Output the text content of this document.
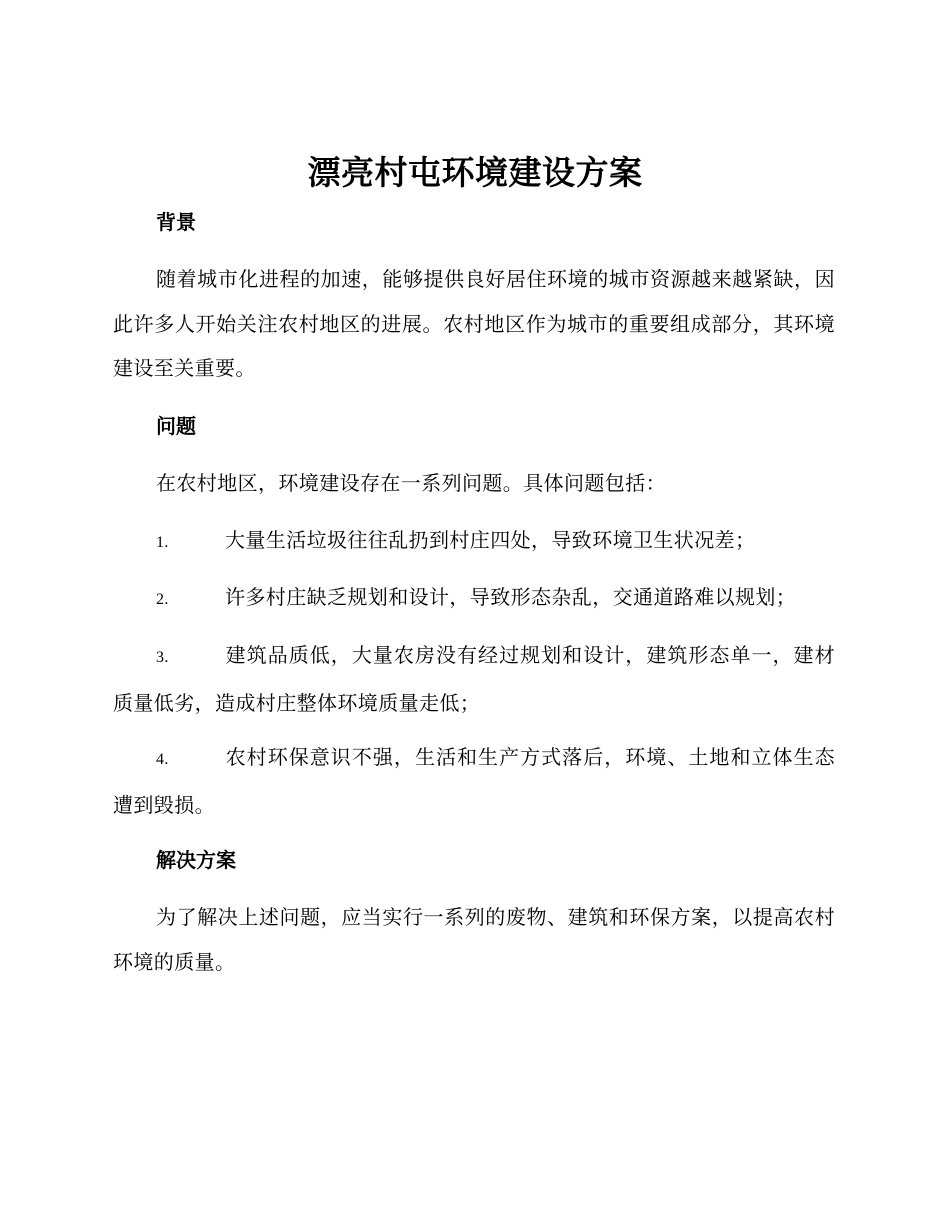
漂亮村屯环境建设方案
背景
随着城市化进程的加速，能够提供良好居住环境的城市资源越来越紧缺，因此许多人开始关注农村地区的进展。农村地区作为城市的重要组成部分，其环境建设至关重要。
问题
在农村地区，环境建设存在一系列问题。具体问题包括：
1.	大量生活垃圾往往乱扔到村庄四处，导致环境卫生状况差；
2.	许多村庄缺乏规划和设计，导致形态杂乱，交通道路难以规划；
3.	建筑品质低，大量农房没有经过规划和设计，建筑形态单一，建材质量低劣，造成村庄整体环境质量走低；
4.	农村环保意识不强，生活和生产方式落后，环境、土地和立体生态遭到毁损。
解决方案
为了解决上述问题，应当实行一系列的废物、建筑和环保方案，以提高农村环境的质量。
